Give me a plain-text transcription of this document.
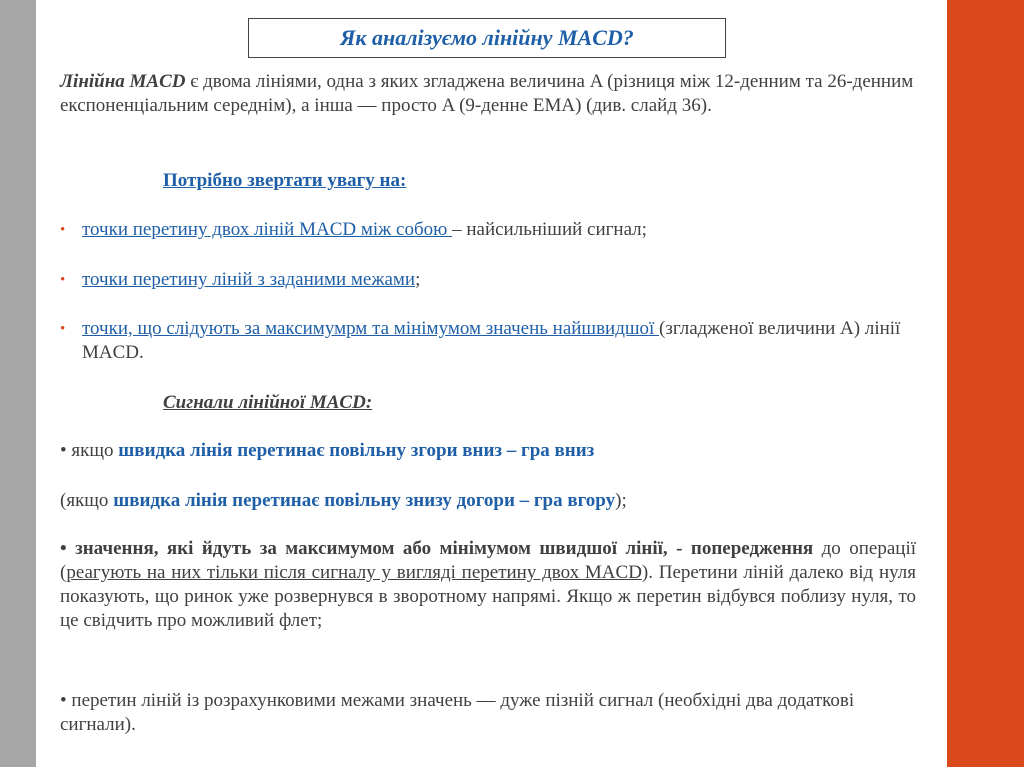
Як аналізуємо лінійну MACD?

Лінійна MACD є двома лініями, одна з яких згладжена величина A (різниця між 12-денним та 26-денним експоненціальним середнім), а інша — просто A (9-денне EMA) (див. слайд 36).

Потрібно звертати увагу на:
• точки перетину двох ліній MACD між собою – найсильніший сигнал;
• точки перетину ліній з заданими межами;
• точки, що слідують за максимумрм та мінімумом значень найшвидшої (згладженої величини A) лінії MACD.
Сигнали лінійної MACD:

• якщо швидка лінія перетинає повільну згори вниз – гра вниз

(якщо швидка лінія перетинає повільну знизу догори – гра вгору);

• значення, які йдуть за максимумом або мінімумом швидшої лінії, - попередження до операції (реагують на них тільки після сигналу у вигляді перетину двох MACD). Перетини ліній далеко від нуля показують, що ринок уже розвернувся в зворотному напрямі. Якщо ж перетин відбувся поблизу нуля, то це свідчить про можливий флет;

• перетин ліній із розрахунковими межами значень — дуже пізній сигнал (необхідні два додаткові сигнали).
